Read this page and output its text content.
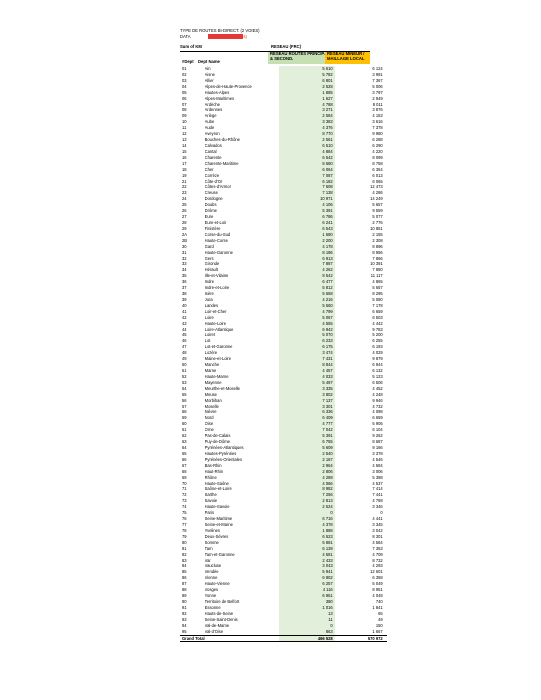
TYPE DE ROUTES BI-DIRECT. (2 VOIES)
DATA	Sum of KM (Routes)
Sum of KM	RESEAU (FRC)
RESEAU ROUTES PRINCIP. & SECOND.
RESEAU MINEUR / MAILLAGE LOCAL
#Dept Dept Name
01	Ain	5 610	6 124
02	Aisne	5 782	3 991
03	Allier	6 801	7 367
04	Alpes-de-Haute-Provence	2 528	5 006
05	Hautes-Alpes	1 885	3 797
06	Alpes-Maritimes	1 627	2 949
07	Ardèche	4 788	8 011
08	Ardennes	3 271	3 876
09	Ariège	2 584	4 153
10	Aube	3 383	3 616
11	Aude	4 376	7 378
12	Aveyron	8 770	9 980
13	Bouches-du-Rhône	2 561	6 288
14	Calvados	6 510	6 290
15	Cantal	4 884	4 220
16	Charente	6 542	8 099
17	Charente-Maritime	8 680	8 758
18	Cher	6 064	6 364
19	Corrèze	7 087	6 013
21	Côte-d'Or	6 182	6 065
22	Côtes-d'Armor	7 608	12 473
23	Creuse	7 138	4 286
24	Dordogne	10 971	14 249
25	Doubs	4 106	5 657
26	Drôme	5 391	9 559
27	Eure	6 786	5 077
28	Eure-et-Loir	6 241	2 776
29	Finistère	6 543	10 851
2A	Corse-du-Sud	1 680	2 155
2B	Haute-Corse	2 200	2 308
30	Gard	4 178	8 896
31	Haute-Garonne	8 186	8 956
32	Gers	6 913	7 866
33	Gironde	7 887	10 391
34	Hérault	4 262	7 880
35	Ille-et-Vilaine	8 542	11 117
36	Indre	6 477	4 865
37	Indre-et-Loire	5 812	5 657
38	Isère	5 668	8 295
39	Jura	4 216	5 080
40	Landes	5 560	7 178
41	Loir-et-Cher	4 799	6 659
42	Loire	5 067	6 503
43	Haute-Loire	4 555	4 442
44	Loire-Atlantique	6 942	9 783
45	Loiret	5 070	5 200
46	Lot	6 233	6 255
47	Lot-et-Garonne	6 175	6 193
48	Lozère	3 474	4 029
49	Maine-et-Loire	7 431	9 879
50	Manche	8 844	6 944
51	Marne	4 457	6 132
52	Haute-Marne	4 033	5 123
53	Mayenne	5 497	6 506
54	Meurthe-et-Moselle	3 335	4 452
55	Meuse	3 802	4 248
56	Morbihan	7 137	9 946
57	Moselle	3 301	4 732
58	Nièvre	6 336	4 098
59	Nord	6 409	6 659
60	Oise	4 777	5 905
61	Orne	7 042	6 104
62	Pas-de-Calais	5 391	9 262
63	Puy-de-Dôme	6 755	8 687
64	Pyrénées-Atlantiques	5 609	9 166
65	Hautes-Pyrénées	2 540	3 378
66	Pyrénées-Orientales	2 167	4 546
67	Bas-Rhin	2 964	4 584
68	Haut-Rhin	2 806	3 006
69	Rhône	4 289	5 388
70	Haute-Saône	4 066	4 537
71	Saône-et-Loire	8 982	7 414
72	Sarthe	7 256	7 441
73	Savoie	2 813	4 768
74	Haute-Savoie	2 524	3 346
75	Paris	0	0
76	Seine-Maritime	6 716	4 441
77	Seine-et-Marne	4 378	3 345
78	Yvelines	1 888	3 042
79	Deux-Sèvres	6 523	8 301
80	Somme	5 881	4 584
81	Tarn	6 139	7 353
82	Tarn-et-Garonne	4 581	4 709
83	Var	2 433	8 732
84	Vaucluse	3 043	4 293
85	Vendée	5 941	12 601
86	Vienne	6 802	6 358
87	Haute-Vienne	6 257	5 049
88	Vosges	4 116	8 951
89	Yonne	6 951	4 048
90	Territoire de Belfort	380	740
91	Essonne	1 016	1 841
92	Hauts-de-Seine	13	65
93	Seine-Saint-Denis	11	49
94	Val-de-Marne	0	150
95	Val-d'Oise	863	1 667
Grand Total		466 528	570 972
